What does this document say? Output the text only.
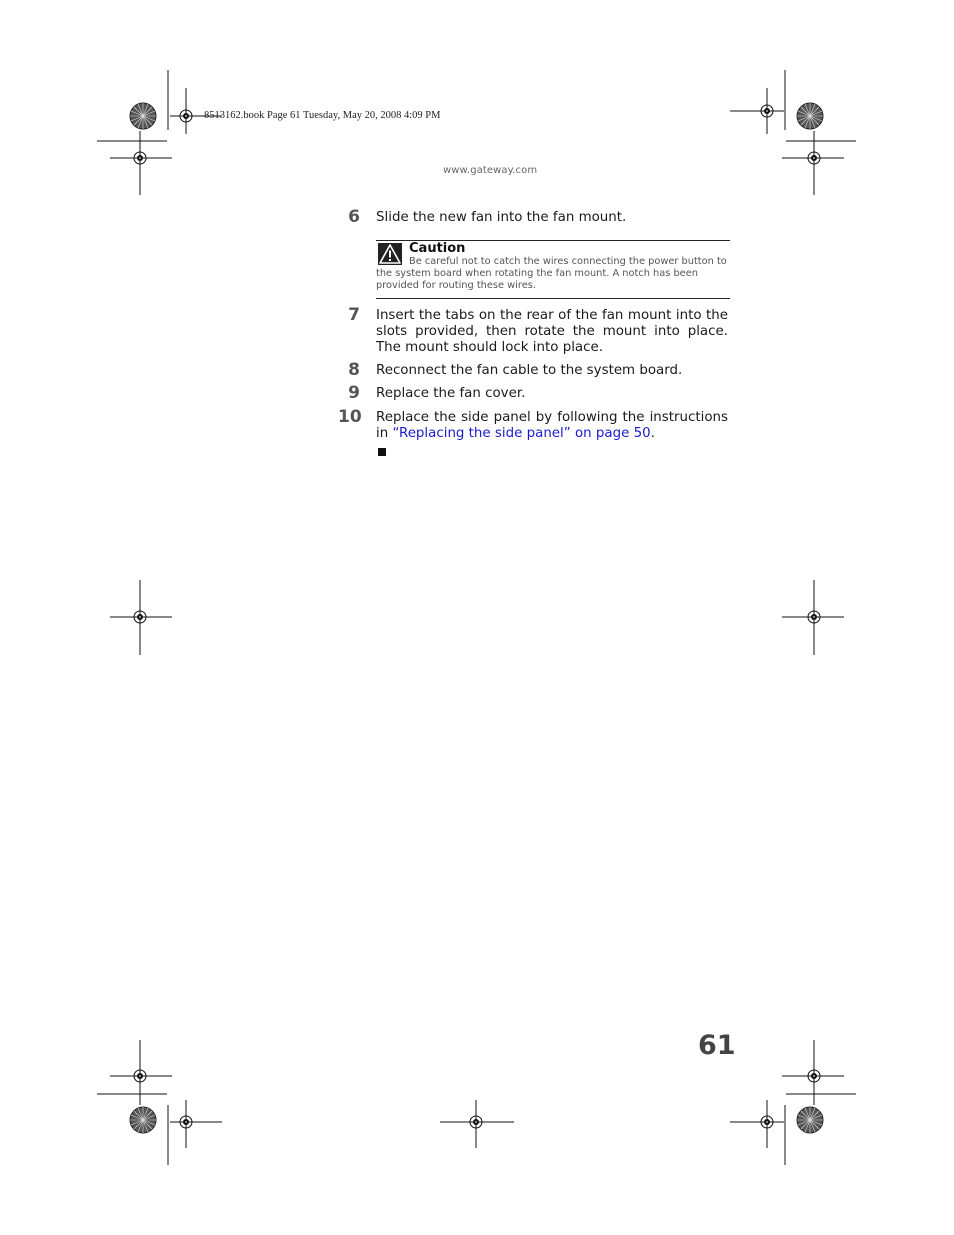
8513162.book Page 61 Tuesday, May 20, 2008 4:09 PM
www.gateway.com
6 Slide the new fan into the fan mount.
Caution
Be careful not to catch the wires connecting the power button to the system board when rotating the fan mount. A notch has been provided for routing these wires.
7 Insert the tabs on the rear of the fan mount into the slots provided, then rotate the mount into place. The mount should lock into place.
8 Reconnect the fan cable to the system board.
9 Replace the fan cover.
10 Replace the side panel by following the instructions in “Replacing the side panel” on page 50.
61
